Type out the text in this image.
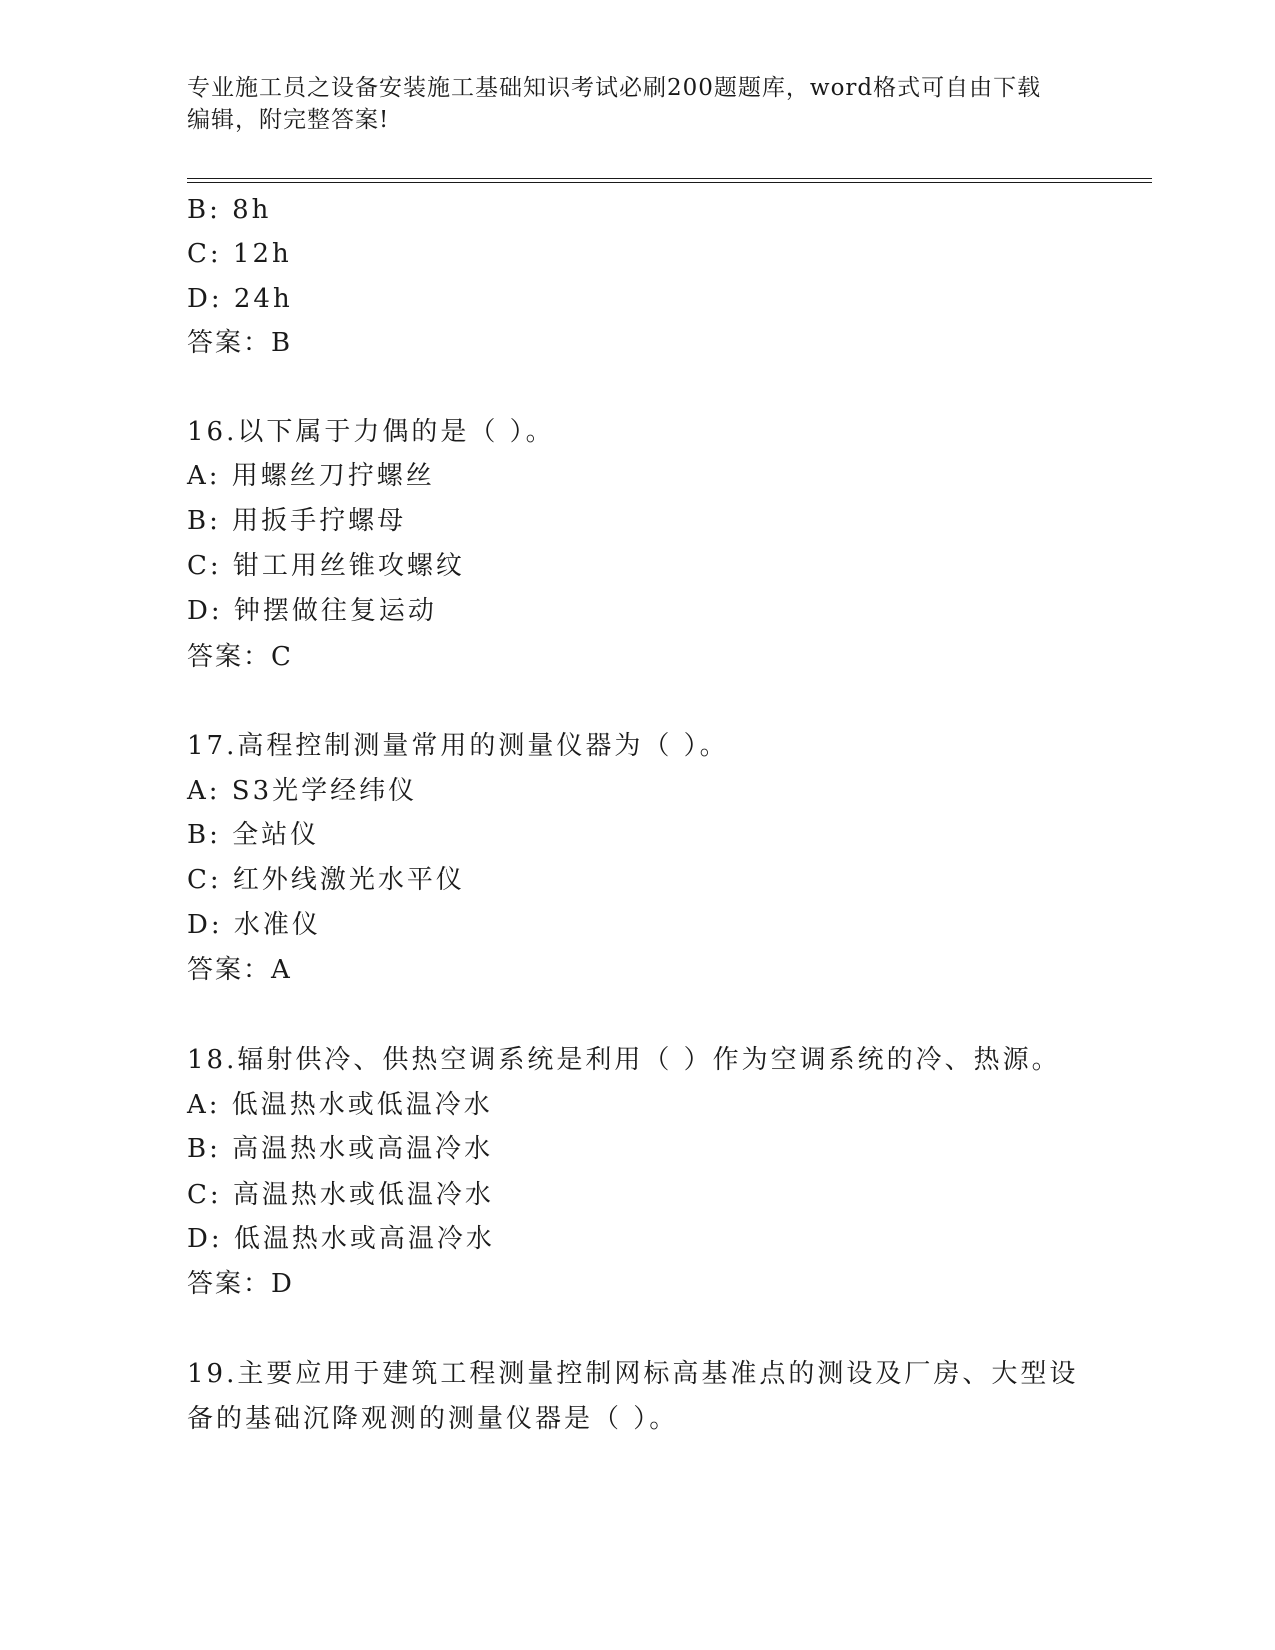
专业施工员之设备安装施工基础知识考试必刷200题题库，word格式可自由下载
编辑，附完整答案!
B: 8h
C: 12h
D: 24h
答案：B
16.以下属于力偶的是（ ）。
A: 用螺丝刀拧螺丝
B: 用扳手拧螺母
C: 钳工用丝锥攻螺纹
D: 钟摆做往复运动
答案：C
17.高程控制测量常用的测量仪器为（ ）。
A: S3光学经纬仪
B: 全站仪
C: 红外线激光水平仪
D: 水准仪
答案：A
18.辐射供冷、供热空调系统是利用（ ）作为空调系统的冷、热源。
A: 低温热水或低温冷水
B: 高温热水或高温冷水
C: 高温热水或低温冷水
D: 低温热水或高温冷水
答案：D
19.主要应用于建筑工程测量控制网标高基准点的测设及厂房、大型设
备的基础沉降观测的测量仪器是（ ）。
